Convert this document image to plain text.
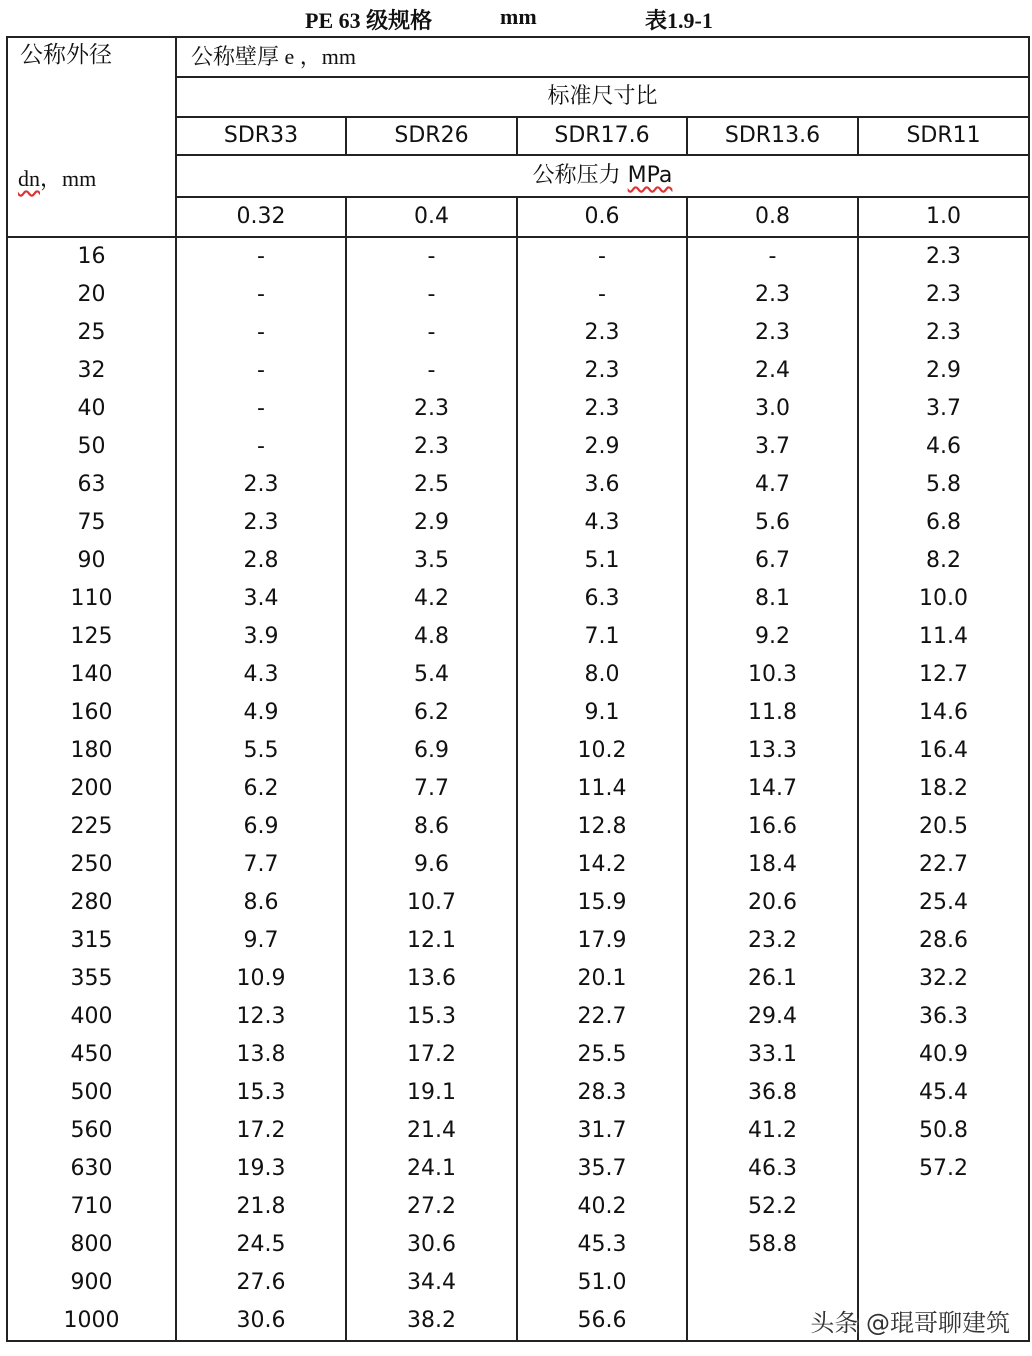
PE 63 级规格	mm	表1.9-1
公称外径
dn，mm	公称壁厚 e ，mm				
	标准尺寸比				
	SDR33	SDR26	SDR17.6	SDR13.6	SDR11
	公称压力 MPa				
	0.32	0.4	0.6	0.8	1.0
16	-	-	-	-	2.3
20	-	-	-	2.3	2.3
25	-	-	2.3	2.3	2.3
32	-	-	2.3	2.4	2.9
40	-	2.3	2.3	3.0	3.7
50	-	2.3	2.9	3.7	4.6
63	2.3	2.5	3.6	4.7	5.8
75	2.3	2.9	4.3	5.6	6.8
90	2.8	3.5	5.1	6.7	8.2
110	3.4	4.2	6.3	8.1	10.0
125	3.9	4.8	7.1	9.2	11.4
140	4.3	5.4	8.0	10.3	12.7
160	4.9	6.2	9.1	11.8	14.6
180	5.5	6.9	10.2	13.3	16.4
200	6.2	7.7	11.4	14.7	18.2
225	6.9	8.6	12.8	16.6	20.5
250	7.7	9.6	14.2	18.4	22.7
280	8.6	10.7	15.9	20.6	25.4
315	9.7	12.1	17.9	23.2	28.6
355	10.9	13.6	20.1	26.1	32.2
400	12.3	15.3	22.7	29.4	36.3
450	13.8	17.2	25.5	33.1	40.9
500	15.3	19.1	28.3	36.8	45.4
560	17.2	21.4	31.7	41.2	50.8
630	19.3	24.1	35.7	46.3	57.2
710	21.8	27.2	40.2	52.2	
800	24.5	30.6	45.3	58.8	
900	27.6	34.4	51.0		
1000	30.6	38.2	56.6			头条 @琨哥聊建筑
